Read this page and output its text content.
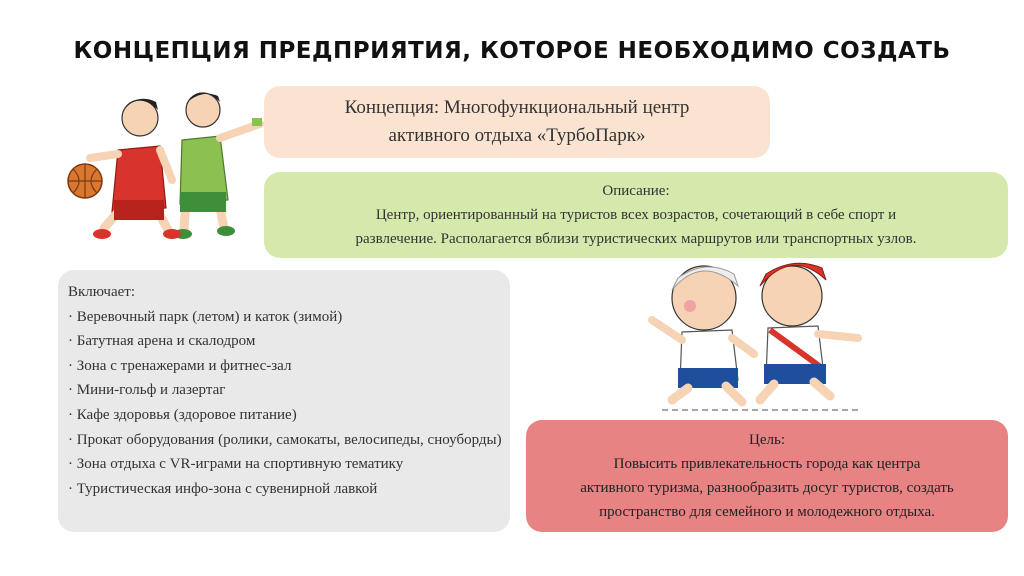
КОНЦЕПЦИЯ ПРЕДПРИЯТИЯ, КОТОРОЕ НЕОБХОДИМО СОЗДАТЬ
Концепция: Многофункциональный центр
активного отдыха «ТурбоПарк»
Описание:
Центр, ориентированный на туристов всех возрастов, сочетающий в себе спорт и
развлечение. Располагается вблизи туристических маршрутов или транспортных узлов.
Включает:
· Веревочный парк (летом) и каток (зимой)
· Батутная арена и скалодром
· Зона с тренажерами и фитнес-зал
· Мини-гольф и лазертаг
· Кафе здоровья (здоровое питание)
· Прокат оборудования (ролики, самокаты, велосипеды, сноуборды)
· Зона отдыха с VR-играми на спортивную тематику
· Туристическая инфо-зона с сувенирной лавкой
Цель:
Повысить привлекательность города как центра
активного туризма, разнообразить досуг туристов, создать
пространство для семейного и молодежного отдыха.
